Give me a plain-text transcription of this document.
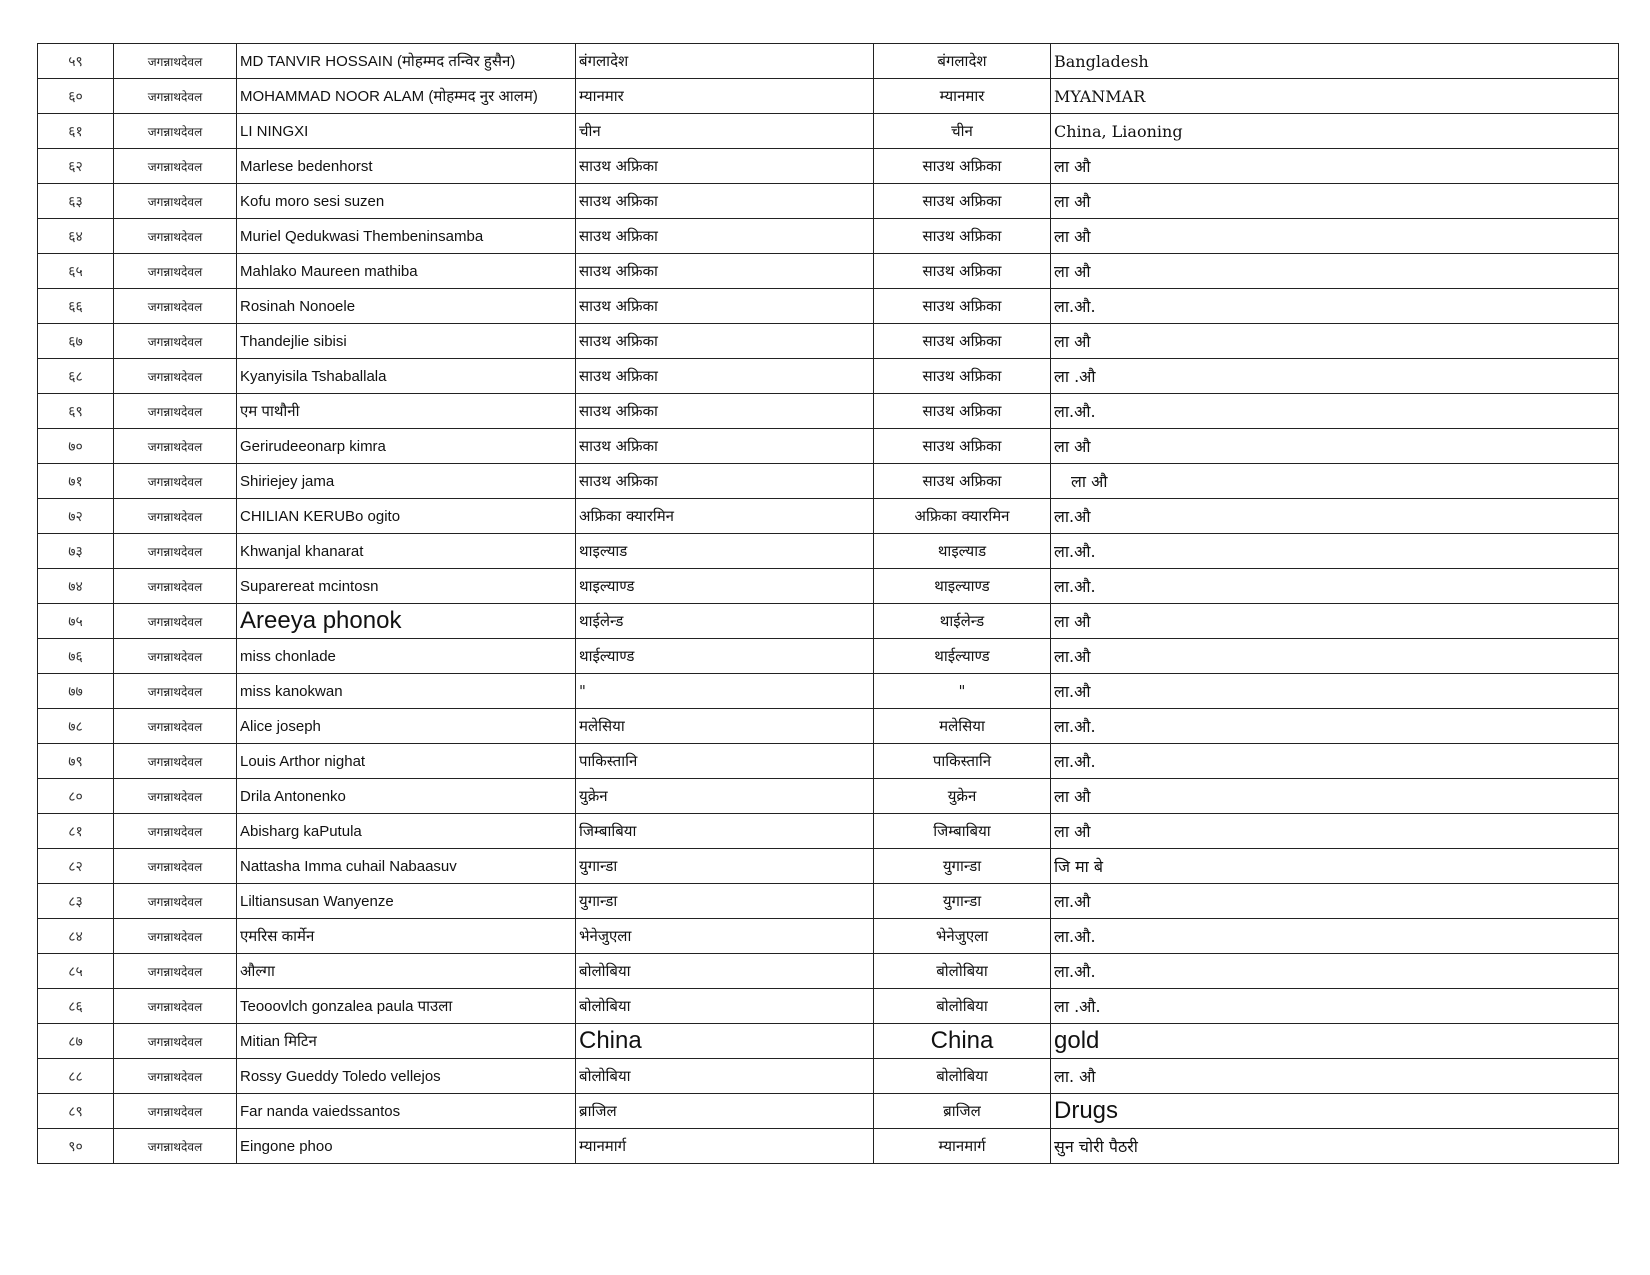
५९	जगन्नाथदेवल	MD TANVIR HOSSAIN (मोहम्मद तन्विर हुसैन)	बंगलादेश	बंगलादेश	Bangladesh
६०	जगन्नाथदेवल	MOHAMMAD NOOR ALAM (मोहम्मद नुर आलम)	म्यानमार	म्यानमार	MYANMAR
६१	जगन्नाथदेवल	LI NINGXI	चीन	चीन	China, Liaoning
६२	जगन्नाथदेवल	Marlese bedenhorst	साउथ अफ्रिका	साउथ अफ्रिका	ला औ
६३	जगन्नाथदेवल	Kofu moro sesi suzen	साउथ अफ्रिका	साउथ अफ्रिका	ला औ
६४	जगन्नाथदेवल	Muriel Qedukwasi Thembeninsamba	साउथ अफ्रिका	साउथ अफ्रिका	ला औ
६५	जगन्नाथदेवल	Mahlako Maureen mathiba	साउथ अफ्रिका	साउथ अफ्रिका	ला औ
६६	जगन्नाथदेवल	Rosinah Nonoele	साउथ अफ्रिका	साउथ अफ्रिका	ला.औ.
६७	जगन्नाथदेवल	Thandejlie sibisi	साउथ अफ्रिका	साउथ अफ्रिका	ला औ
६८	जगन्नाथदेवल	Kyanyisila Tshaballala	साउथ अफ्रिका	साउथ अफ्रिका	ला .औ
६९	जगन्नाथदेवल	एम पाथौनी	साउथ अफ्रिका	साउथ अफ्रिका	ला.औ.
७०	जगन्नाथदेवल	Gerirudeeonarp kimra	साउथ अफ्रिका	साउथ अफ्रिका	ला औ
७१	जगन्नाथदेवल	Shiriejey jama	साउथ अफ्रिका	साउथ अफ्रिका	ला औ
७२	जगन्नाथदेवल	CHILIAN KERUBo ogito	अफ्रिका क्यारमिन	अफ्रिका क्यारमिन	ला.औ
७३	जगन्नाथदेवल	Khwanjal khanarat	थाइल्याड	थाइल्याड	ला.औ.
७४	जगन्नाथदेवल	Suparereat mcintosn	थाइल्याण्ड	थाइल्याण्ड	ला.औ.
७५	जगन्नाथदेवल	Areeya phonok	थाईलेन्ड	थाईलेन्ड	ला औ
७६	जगन्नाथदेवल	miss chonlade	थाईल्याण्ड	थाईल्याण्ड	ला.औ
७७	जगन्नाथदेवल	miss kanokwan	"	"	ला.औ
७८	जगन्नाथदेवल	Alice joseph	मलेसिया	मलेसिया	ला.औ.
७९	जगन्नाथदेवल	Louis Arthor nighat	पाकिस्तानि	पाकिस्तानि	ला.औ.
८०	जगन्नाथदेवल	Drila Antonenko	युक्रेन	युक्रेन	ला औ
८१	जगन्नाथदेवल	Abisharg kaPutula	जिम्बाबिया	जिम्बाबिया	ला औ
८२	जगन्नाथदेवल	Nattasha Imma cuhail Nabaasuv	युगान्डा	युगान्डा	जि मा बे
८३	जगन्नाथदेवल	Liltiansusan Wanyenze	युगान्डा	युगान्डा	ला.औ
८४	जगन्नाथदेवल	एमरिस कार्मेन	भेनेजुएला	भेनेजुएला	ला.औ.
८५	जगन्नाथदेवल	औल्गा	बोलोबिया	बोलोबिया	ला.औ.
८६	जगन्नाथदेवल	Teooovlch gonzalea paula पाउला	बोलोबिया	बोलोबिया	ला .औ.
८७	जगन्नाथदेवल	Mitian मिटिन	China	China	gold
८८	जगन्नाथदेवल	Rossy Gueddy Toledo vellejos	बोलोबिया	बोलोबिया	ला. औ
८९	जगन्नाथदेवल	Far nanda vaiedssantos	ब्राजिल	ब्राजिल	Drugs
९०	जगन्नाथदेवल	Eingone phoo	म्यानमार्ग	म्यानमार्ग	सुन चोरी पैठरी
